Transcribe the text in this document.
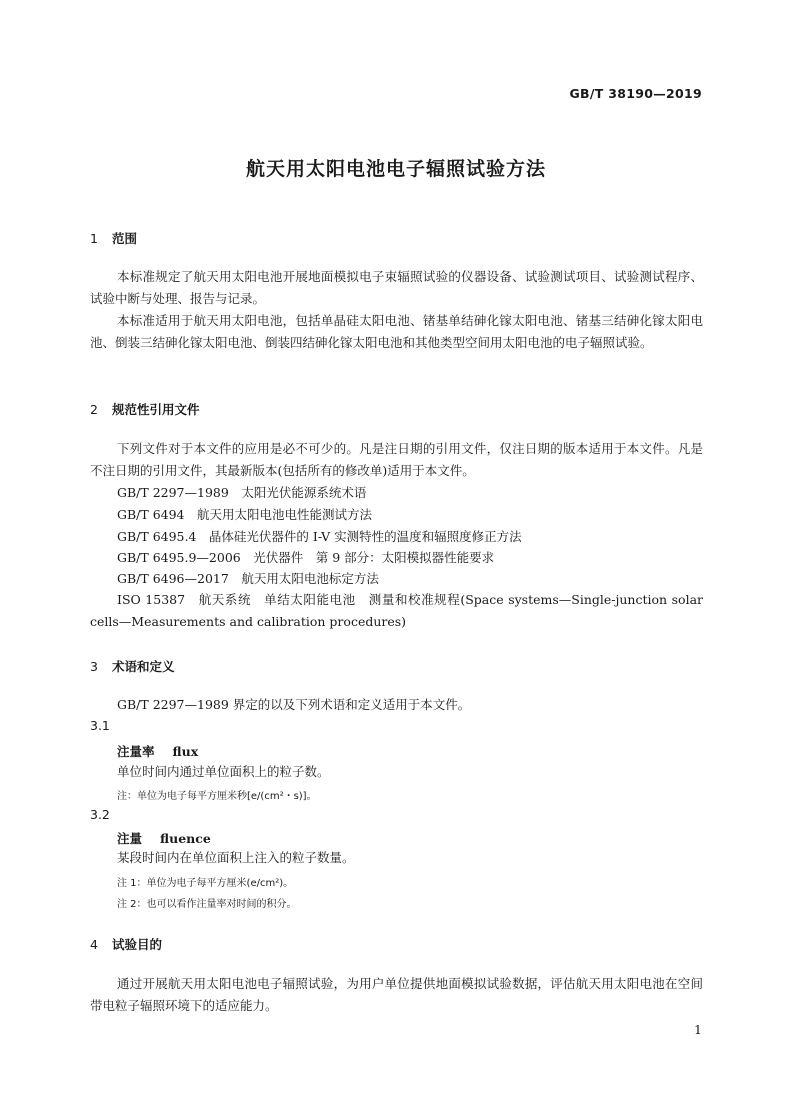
GB/T 38190—2019
航天用太阳电池电子辐照试验方法
1 范围

本标准规定了航天用太阳电池开展地面模拟电子束辐照试验的仪器设备、试验测试项目、试验测试程序、试验中断与处理、报告与记录。

本标准适用于航天用太阳电池，包括单晶硅太阳电池、锗基单结砷化镓太阳电池、锗基三结砷化镓太阳电池、倒装三结砷化镓太阳电池、倒装四结砷化镓太阳电池和其他类型空间用太阳电池的电子辐照试验。

2 规范性引用文件

下列文件对于本文件的应用是必不可少的。凡是注日期的引用文件，仅注日期的版本适用于本文件。凡是不注日期的引用文件，其最新版本(包括所有的修改单)适用于本文件。

GB/T 2297—1989　太阳光伏能源系统术语
GB/T 6494　航天用太阳电池电性能测试方法
GB/T 6495.4　晶体硅光伏器件的 I-V 实测特性的温度和辐照度修正方法
GB/T 6495.9—2006　光伏器件　第 9 部分：太阳模拟器性能要求
GB/T 6496—2017　航天用太阳电池标定方法
ISO 15387　航天系统　单结太阳能电池　测量和校准规程(Space systems—Single-junction solar cells—Measurements and calibration procedures)
3 术语和定义
GB/T 2297—1989 界定的以及下列术语和定义适用于本文件。
3.1
注量率 flux
单位时间内通过单位面积上的粒子数。
注：单位为电子每平方厘米秒[e/(cm²・s)]。
3.2
注量 fluence
某段时间内在单位面积上注入的粒子数量。
注 1：单位为电子每平方厘米(e/cm²)。
注 2：也可以看作注量率对时间的积分。
4 试验目的

通过开展航天用太阳电池电子辐照试验，为用户单位提供地面模拟试验数据，评估航天用太阳电池在空间带电粒子辐照环境下的适应能力。

1
